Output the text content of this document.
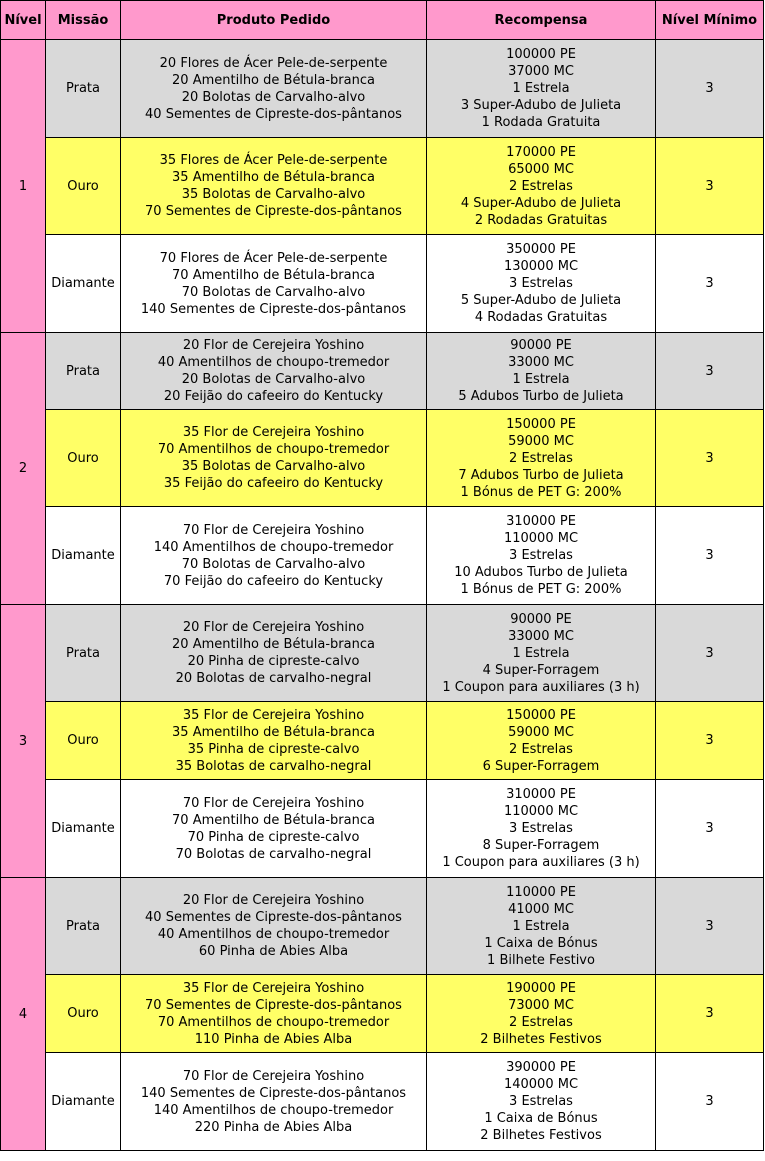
Nível	Missão	Produto Pedido	Recompensa	Nível Mínimo
1	Prata	20 Flores de Ácer Pele-de-serpente
20 Amentilho de Bétula-branca
20 Bolotas de Carvalho-alvo
40 Sementes de Cipreste-dos-pântanos	100000 PE
37000 MC
1 Estrela
3 Super-Adubo de Julieta
1 Rodada Gratuita	3
	Ouro	35 Flores de Ácer Pele-de-serpente
35 Amentilho de Bétula-branca
35 Bolotas de Carvalho-alvo
70 Sementes de Cipreste-dos-pântanos	170000 PE
65000 MC
2 Estrelas
4 Super-Adubo de Julieta
2 Rodadas Gratuitas	3
	Diamante	70 Flores de Ácer Pele-de-serpente
70 Amentilho de Bétula-branca
70 Bolotas de Carvalho-alvo
140 Sementes de Cipreste-dos-pântanos	350000 PE
130000 MC
3 Estrelas
5 Super-Adubo de Julieta
4 Rodadas Gratuitas	3
2	Prata	20 Flor de Cerejeira Yoshino
40 Amentilhos de choupo-tremedor
20 Bolotas de Carvalho-alvo
20 Feijão do cafeeiro do Kentucky	90000 PE
33000 MC
1 Estrela
5 Adubos Turbo de Julieta	3
	Ouro	35 Flor de Cerejeira Yoshino
70 Amentilhos de choupo-tremedor
35 Bolotas de Carvalho-alvo
35 Feijão do cafeeiro do Kentucky	150000 PE
59000 MC
2 Estrelas
7 Adubos Turbo de Julieta
1 Bónus de PET G: 200%	3
	Diamante	70 Flor de Cerejeira Yoshino
140 Amentilhos de choupo-tremedor
70 Bolotas de Carvalho-alvo
70 Feijão do cafeeiro do Kentucky	310000 PE
110000 MC
3 Estrelas
10 Adubos Turbo de Julieta
1 Bónus de PET G: 200%	3
3	Prata	20 Flor de Cerejeira Yoshino
20 Amentilho de Bétula-branca
20 Pinha de cipreste-calvo
20 Bolotas de carvalho-negral	90000 PE
33000 MC
1 Estrela
4 Super-Forragem
1 Coupon para auxiliares (3 h)	3
	Ouro	35 Flor de Cerejeira Yoshino
35 Amentilho de Bétula-branca
35 Pinha de cipreste-calvo
35 Bolotas de carvalho-negral	150000 PE
59000 MC
2 Estrelas
6 Super-Forragem	3
	Diamante	70 Flor de Cerejeira Yoshino
70 Amentilho de Bétula-branca
70 Pinha de cipreste-calvo
70 Bolotas de carvalho-negral	310000 PE
110000 MC
3 Estrelas
8 Super-Forragem
1 Coupon para auxiliares (3 h)	3
4	Prata	20 Flor de Cerejeira Yoshino
40 Sementes de Cipreste-dos-pântanos
40 Amentilhos de choupo-tremedor
60 Pinha de Abies Alba	110000 PE
41000 MC
1 Estrela
1 Caixa de Bónus
1 Bilhete Festivo	3
	Ouro	35 Flor de Cerejeira Yoshino
70 Sementes de Cipreste-dos-pântanos
70 Amentilhos de choupo-tremedor
110 Pinha de Abies Alba	190000 PE
73000 MC
2 Estrelas
2 Bilhetes Festivos	3
	Diamante	70 Flor de Cerejeira Yoshino
140 Sementes de Cipreste-dos-pântanos
140 Amentilhos de choupo-tremedor
220 Pinha de Abies Alba	390000 PE
140000 MC
3 Estrelas
1 Caixa de Bónus
2 Bilhetes Festivos	3
